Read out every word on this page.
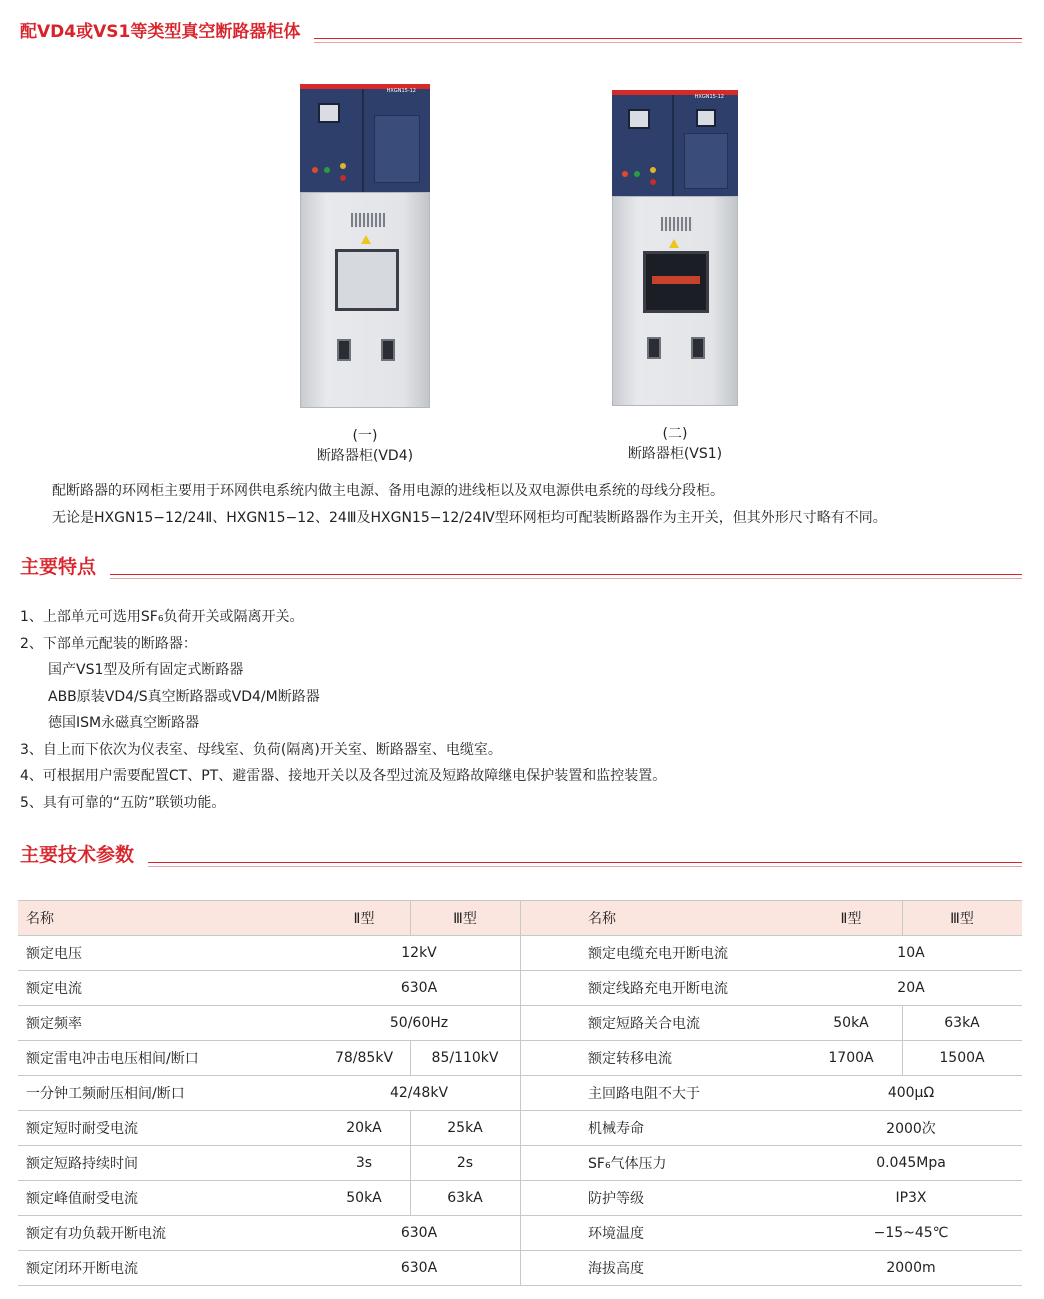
配VD4或VS1等类型真空断路器柜体
HXGN15-12
(一)
断路器柜(VD4)
HXGN15-12
(二)
断路器柜(VS1)
配断路器的环网柜主要用于环网供电系统内做主电源、备用电源的进线柜以及双电源供电系统的母线分段柜。
无论是HXGN15−12/24Ⅱ、HXGN15−12、24Ⅲ及HXGN15−12/24Ⅳ型环网柜均可配装断路器作为主开关，但其外形尺寸略有不同。
主要特点
1、上部单元可选用SF₆负荷开关或隔离开关。
2、下部单元配装的断路器：
国产VS1型及所有固定式断路器
ABB原装VD4/S真空断路器或VD4/M断路器
德国ISM永磁真空断路器
3、自上而下依次为仪表室、母线室、负荷(隔离)开关室、断路器室、电缆室。
4、可根据用户需要配置CT、PT、避雷器、接地开关以及各型过流及短路故障继电保护装置和监控装置。
5、具有可靠的“五防”联锁功能。
主要技术参数
名称	Ⅱ型	Ⅲ型	名称	Ⅱ型	Ⅲ型
额定电压	12kV	额定电缆充电开断电流	10A
额定电流	630A	额定线路充电开断电流	20A
额定频率	50/60Hz	额定短路关合电流	50kA	63kA
额定雷电冲击电压相间/断口	78/85kV	85/110kV	额定转移电流	1700A	1500A
一分钟工频耐压相间/断口	42/48kV	主回路电阻不大于	400μΩ
额定短时耐受电流	20kA	25kA	机械寿命	2000次
额定短路持续时间	3s	2s	SF₆气体压力	0.045Mpa
额定峰值耐受电流	50kA	63kA	防护等级	IP3X
额定有功负载开断电流	630A	环境温度	−15~45℃
额定闭环开断电流	630A	海拔高度	2000m
